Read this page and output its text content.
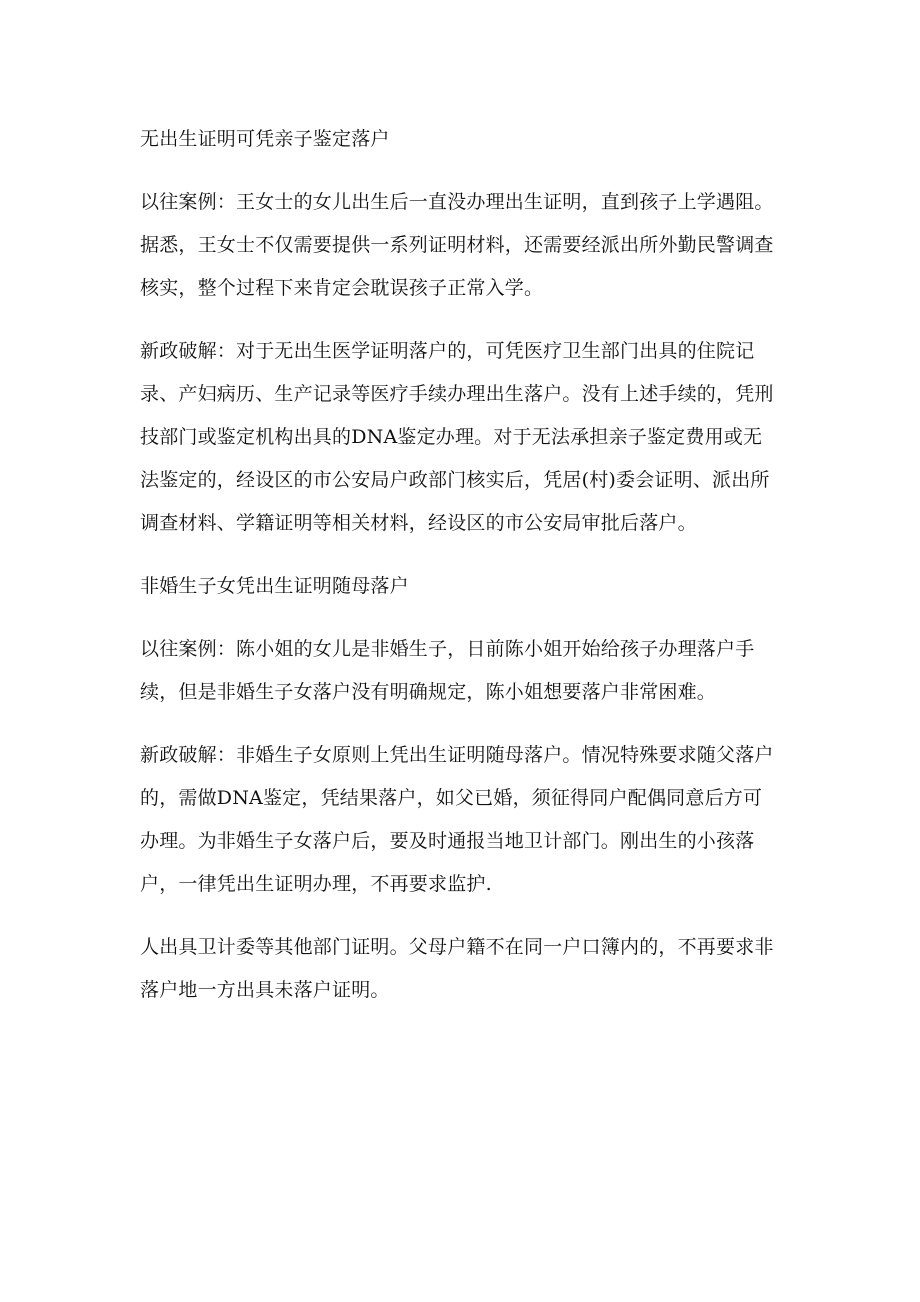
无出生证明可凭亲子鉴定落户

以往案例：王女士的女儿出生后一直没办理出生证明，直到孩子上学遇阻。据悉，王女士不仅需要提供一系列证明材料，还需要经派出所外勤民警调查核实，整个过程下来肯定会耽误孩子正常入学。

新政破解：对于无出生医学证明落户的，可凭医疗卫生部门出具的住院记录、产妇病历、生产记录等医疗手续办理出生落户。没有上述手续的，凭刑技部门或鉴定机构出具的DNA鉴定办理。对于无法承担亲子鉴定费用或无法鉴定的，经设区的市公安局户政部门核实后，凭居(村)委会证明、派出所调查材料、学籍证明等相关材料，经设区的市公安局审批后落户。

非婚生子女凭出生证明随母落户

以往案例：陈小姐的女儿是非婚生子，日前陈小姐开始给孩子办理落户手续，但是非婚生子女落户没有明确规定，陈小姐想要落户非常困难。

新政破解：非婚生子女原则上凭出生证明随母落户。情况特殊要求随父落户的，需做DNA鉴定，凭结果落户，如父已婚，须征得同户配偶同意后方可办理。为非婚生子女落户后，要及时通报当地卫计部门。刚出生的小孩落户，一律凭出生证明办理，不再要求监护.

人出具卫计委等其他部门证明。父母户籍不在同一户口簿内的，不再要求非落户地一方出具未落户证明。
